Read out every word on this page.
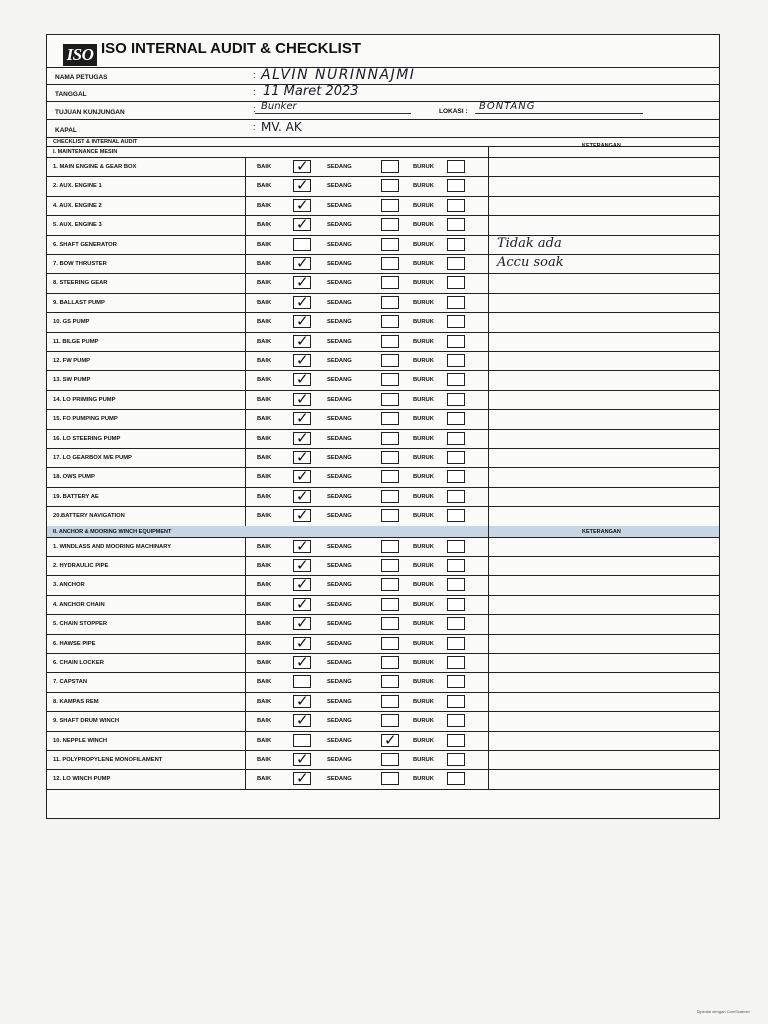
ISO ISO INTERNAL AUDIT & CHECKLIST
NAMA PETUGAS	: ALVIN NURINNAJMI
TANGGAL	: 11 Maret 2023
TUJUAN KUNJUNGAN	: Bunker	LOKASI : BONTANG
KAPAL	: MV. AK
CHECKLIST & INTERNAL AUDIT
I. MAINTENANCE MESIN
KETERANGAN
1. MAIN ENGINE & GEAR BOX	BAIK ✓	SEDANG	BURUK
2. AUX. ENGINE 1	BAIK ✓	SEDANG	BURUK
4. AUX. ENGINE 2	BAIK ✓	SEDANG	BURUK
5. AUX. ENGINE 3	BAIK ✓	SEDANG	BURUK
6. SHAFT GENERATOR	BAIK	SEDANG	BURUK	Tidak ada
7. BOW THRUSTER	BAIK ✓	SEDANG	BURUK	Accu soak
8. STEERING GEAR	BAIK ✓	SEDANG	BURUK
9. BALLAST PUMP	BAIK ✓	SEDANG	BURUK
10. GS PUMP	BAIK ✓	SEDANG	BURUK
11. BILGE PUMP	BAIK ✓	SEDANG	BURUK
12. FW PUMP	BAIK ✓	SEDANG	BURUK
13. SW PUMP	BAIK ✓	SEDANG	BURUK
14. LO PRIMING PUMP	BAIK ✓	SEDANG	BURUK
15. FO PUMPING PUMP	BAIK ✓	SEDANG	BURUK
16. LO STEERING PUMP	BAIK ✓	SEDANG	BURUK
17. LO GEARBOX M/E PUMP	BAIK ✓	SEDANG	BURUK
18. OWS PUMP	BAIK ✓	SEDANG	BURUK
19. BATTERY AE	BAIK ✓	SEDANG	BURUK
20.BATTERY NAVIGATION	BAIK ✓	SEDANG	BURUK
II. ANCHOR & MOORING WINCH EQUIPMENT	KETERANGAN
1. WINDLASS AND MOORING MACHINARY	BAIK ✓	SEDANG	BURUK
2. HYDRAULIC PIPE	BAIK ✓	SEDANG	BURUK
3. ANCHOR	BAIK ✓	SEDANG	BURUK
4. ANCHOR CHAIN	BAIK ✓	SEDANG	BURUK
5. CHAIN STOPPER	BAIK ✓	SEDANG	BURUK
6. HAWSE PIPE	BAIK ✓	SEDANG	BURUK
6. CHAIN LOCKER	BAIK ✓	SEDANG	BURUK
7. CAPSTAN	BAIK	SEDANG	BURUK
8. KAMPAS REM	BAIK ✓	SEDANG	BURUK
9. SHAFT DRUM WINCH	BAIK ✓	SEDANG	BURUK
10. NEPPLE WINCH	BAIK	SEDANG ✓	BURUK
11. POLYPROPYLENE MONOFILAMENT	BAIK ✓	SEDANG	BURUK
12. LO WINCH PUMP	BAIK ✓	SEDANG	BURUK
Dipindai dengan CamScanner
